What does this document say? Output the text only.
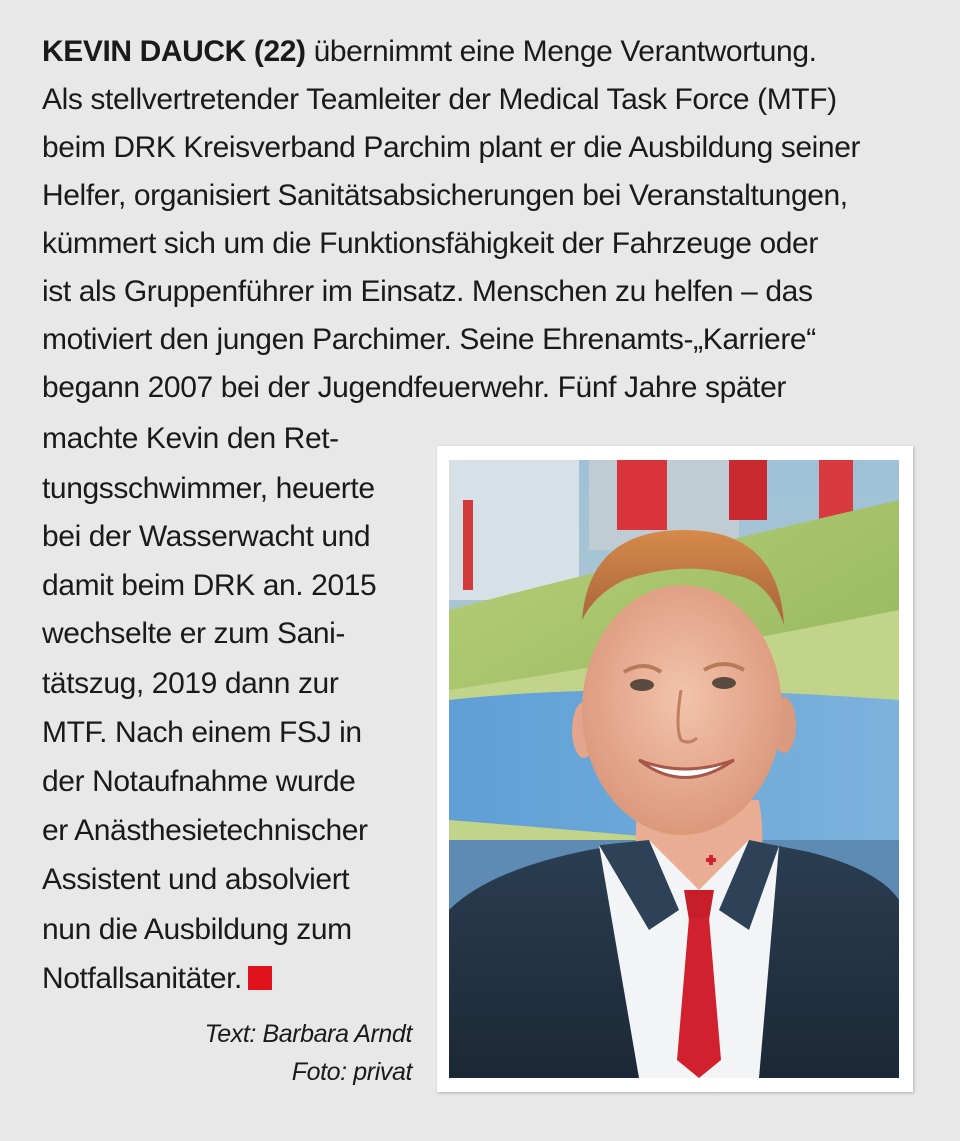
KEVIN DAUCK (22) übernimmt eine Menge Verantwortung.
Als stellvertretender Teamleiter der Medical Task Force (MTF)
beim DRK Kreisverband Parchim plant er die Ausbildung seiner
Helfer, organisiert Sanitätsabsicherungen bei Veranstaltungen,
kümmert sich um die Funktionsfähigkeit der Fahrzeuge oder
ist als Gruppenführer im Einsatz. Menschen zu helfen – das
motiviert den jungen Parchimer. Seine Ehrenamts-„Karriere“
begann 2007 bei der Jugendfeuerwehr. Fünf Jahre später
machte Kevin den Ret-
tungsschwimmer, heuerte
bei der Wasserwacht und
damit beim DRK an. 2015
wechselte er zum Sani-
tätszug, 2019 dann zur
MTF. Nach einem FSJ in
der Notaufnahme wurde
er Anästhesietechnischer
Assistent und absolviert
nun die Ausbildung zum
Notfallsanitäter.
Text: Barbara Arndt
Foto: privat
